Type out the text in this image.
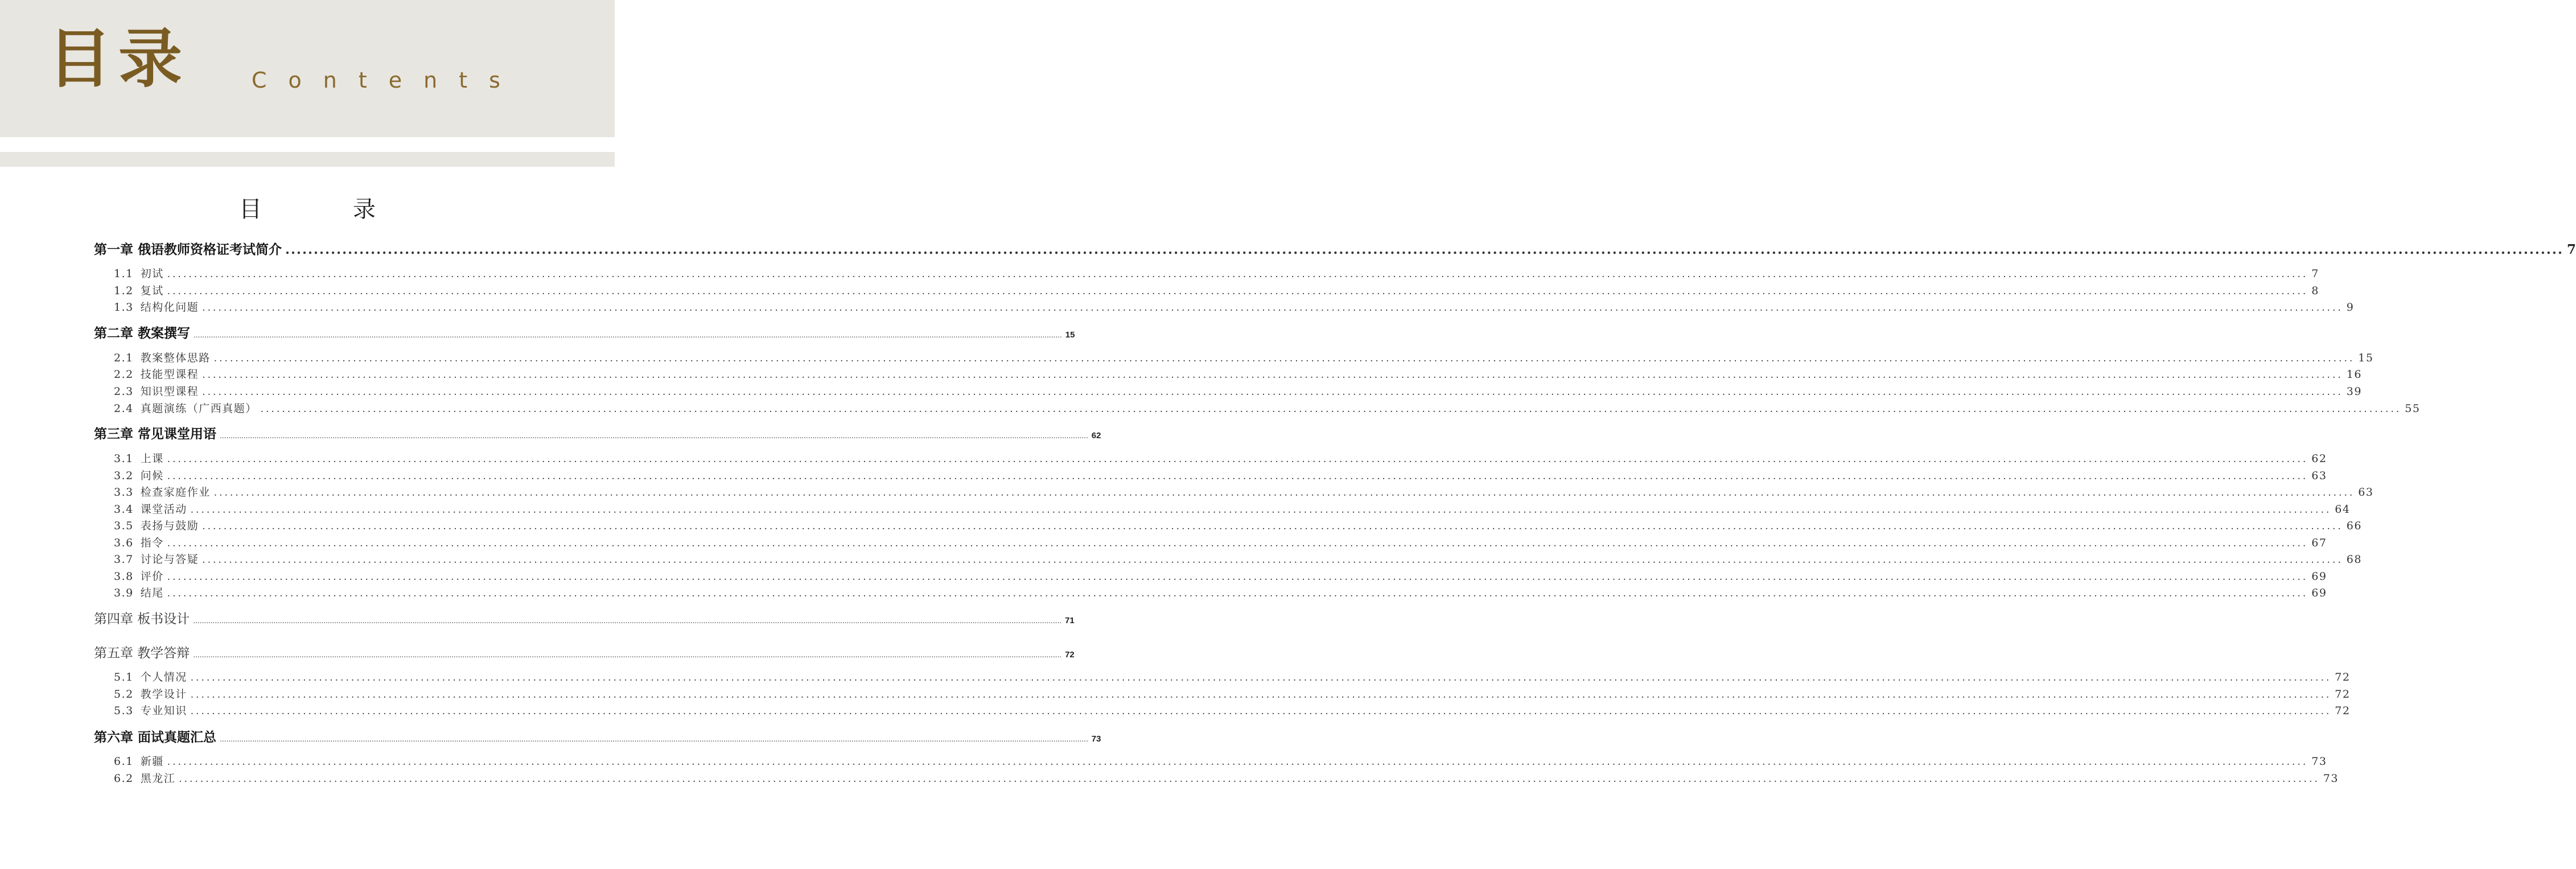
目录	Contents
目录
第一章 俄语教师资格证考试简介 ................................................................................................................................................................................................................................................................................................................................................................................................................ 7
1.1 初试 ................................................................................................................................................................................................................................................................................................................................................................................................................ 7
1.2 复试 ................................................................................................................................................................................................................................................................................................................................................................................................................ 8
1.3 结构化问题 ................................................................................................................................................................................................................................................................................................................................................................................................................ 9
第二章 教案撰写 ................................................................................................................................................................................................................................................................................................................................................................................................................ 15
2.1 教案整体思路 ................................................................................................................................................................................................................................................................................................................................................................................................................ 15
2.2 技能型课程 ................................................................................................................................................................................................................................................................................................................................................................................................................ 16
2.3 知识型课程 ................................................................................................................................................................................................................................................................................................................................................................................................................ 39
2.4 真题演练（广西真题） ................................................................................................................................................................................................................................................................................................................................................................................................................ 55
第三章 常见课堂用语 ................................................................................................................................................................................................................................................................................................................................................................................................................ 62
3.1 上课 ................................................................................................................................................................................................................................................................................................................................................................................................................ 62
3.2 问候 ................................................................................................................................................................................................................................................................................................................................................................................................................ 63
3.3 检查家庭作业 ................................................................................................................................................................................................................................................................................................................................................................................................................ 63
3.4 课堂活动 ................................................................................................................................................................................................................................................................................................................................................................................................................ 64
3.5 表扬与鼓励 ................................................................................................................................................................................................................................................................................................................................................................................................................ 66
3.6 指令 ................................................................................................................................................................................................................................................................................................................................................................................................................ 67
3.7 讨论与答疑 ................................................................................................................................................................................................................................................................................................................................................................................................................ 68
3.8 评价 ................................................................................................................................................................................................................................................................................................................................................................................................................ 69
3.9 结尾 ................................................................................................................................................................................................................................................................................................................................................................................................................ 69
第四章 板书设计 ................................................................................................................................................................................................................................................................................................................................................................................................................ 71
第五章 教学答辩 ................................................................................................................................................................................................................................................................................................................................................................................................................ 72
5.1 个人情况 ................................................................................................................................................................................................................................................................................................................................................................................................................ 72
5.2 教学设计 ................................................................................................................................................................................................................................................................................................................................................................................................................ 72
5.3 专业知识 ................................................................................................................................................................................................................................................................................................................................................................................................................ 72
第六章 面试真题汇总 ................................................................................................................................................................................................................................................................................................................................................................................................................ 73
6.1 新疆 ................................................................................................................................................................................................................................................................................................................................................................................................................ 73
6.2 黑龙江 ................................................................................................................................................................................................................................................................................................................................................................................................................ 73
